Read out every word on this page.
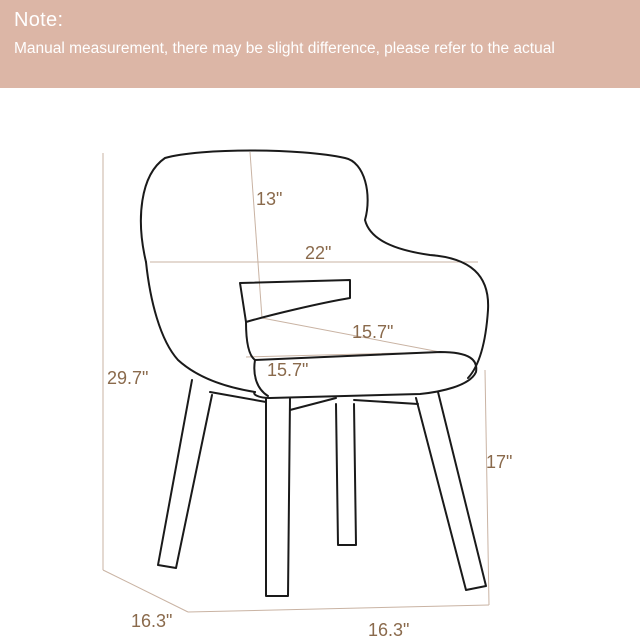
Note:
Manual measurement, there may be slight difference, please refer to the actual
13"
22"
15.7"
15.7"
29.7"
17"
16.3"	16.3"
